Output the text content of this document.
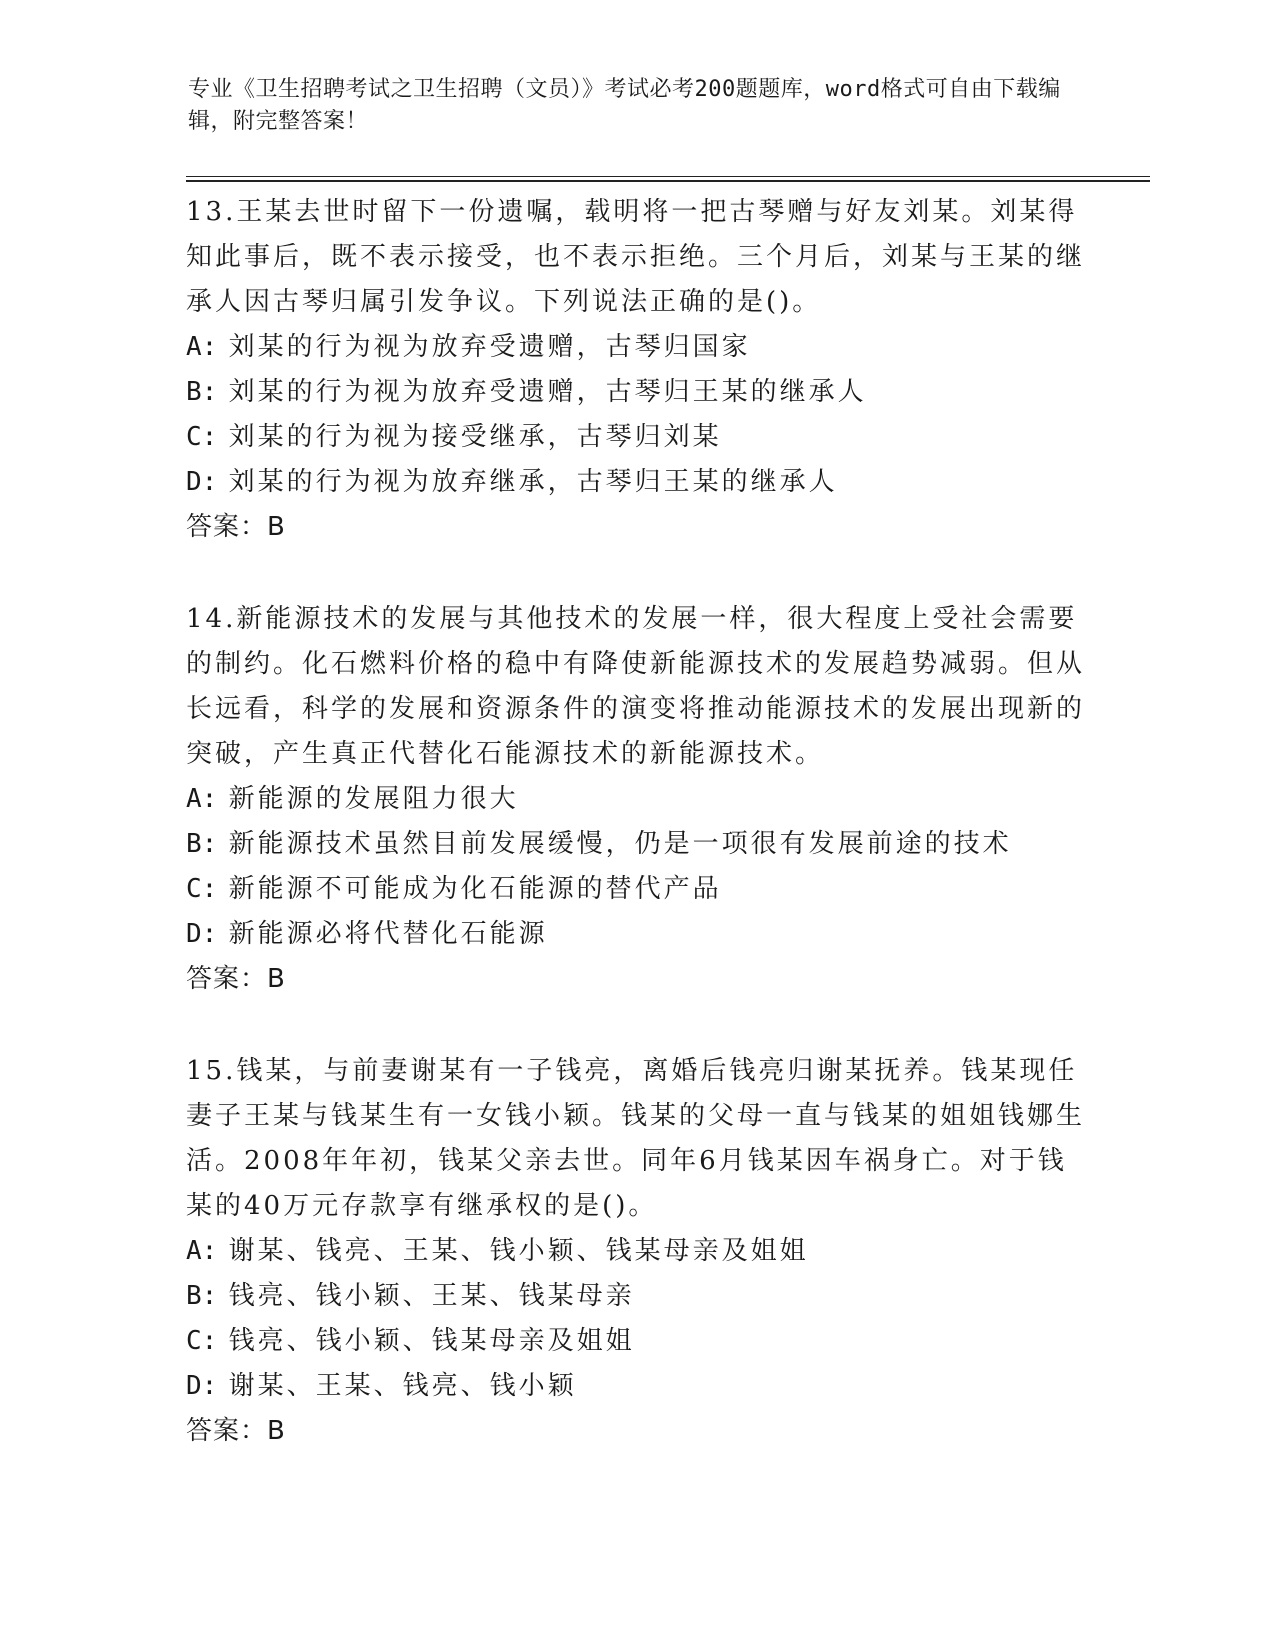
专业《卫生招聘考试之卫生招聘（文员）》考试必考200题题库，word格式可自由下载编辑，附完整答案！

13.王某去世时留下一份遗嘱，载明将一把古琴赠与好友刘某。刘某得知此事后，既不表示接受，也不表示拒绝。三个月后，刘某与王某的继承人因古琴归属引发争议。下列说法正确的是()。

A: 刘某的行为视为放弃受遗赠，古琴归国家

B: 刘某的行为视为放弃受遗赠，古琴归王某的继承人

C: 刘某的行为视为接受继承，古琴归刘某

D: 刘某的行为视为放弃继承，古琴归王某的继承人

答案：B

14.新能源技术的发展与其他技术的发展一样，很大程度上受社会需要的制约。化石燃料价格的稳中有降使新能源技术的发展趋势减弱。但从长远看，科学的发展和资源条件的演变将推动能源技术的发展出现新的突破，产生真正代替化石能源技术的新能源技术。

A: 新能源的发展阻力很大

B: 新能源技术虽然目前发展缓慢，仍是一项很有发展前途的技术

C: 新能源不可能成为化石能源的替代产品

D: 新能源必将代替化石能源

答案：B

15.钱某，与前妻谢某有一子钱亮，离婚后钱亮归谢某抚养。钱某现任妻子王某与钱某生有一女钱小颖。钱某的父母一直与钱某的姐姐钱娜生活。2008年年初，钱某父亲去世。同年6月钱某因车祸身亡。对于钱某的40万元存款享有继承权的是()。

A: 谢某、钱亮、王某、钱小颖、钱某母亲及姐姐

B: 钱亮、钱小颖、王某、钱某母亲

C: 钱亮、钱小颖、钱某母亲及姐姐

D: 谢某、王某、钱亮、钱小颖

答案：B
